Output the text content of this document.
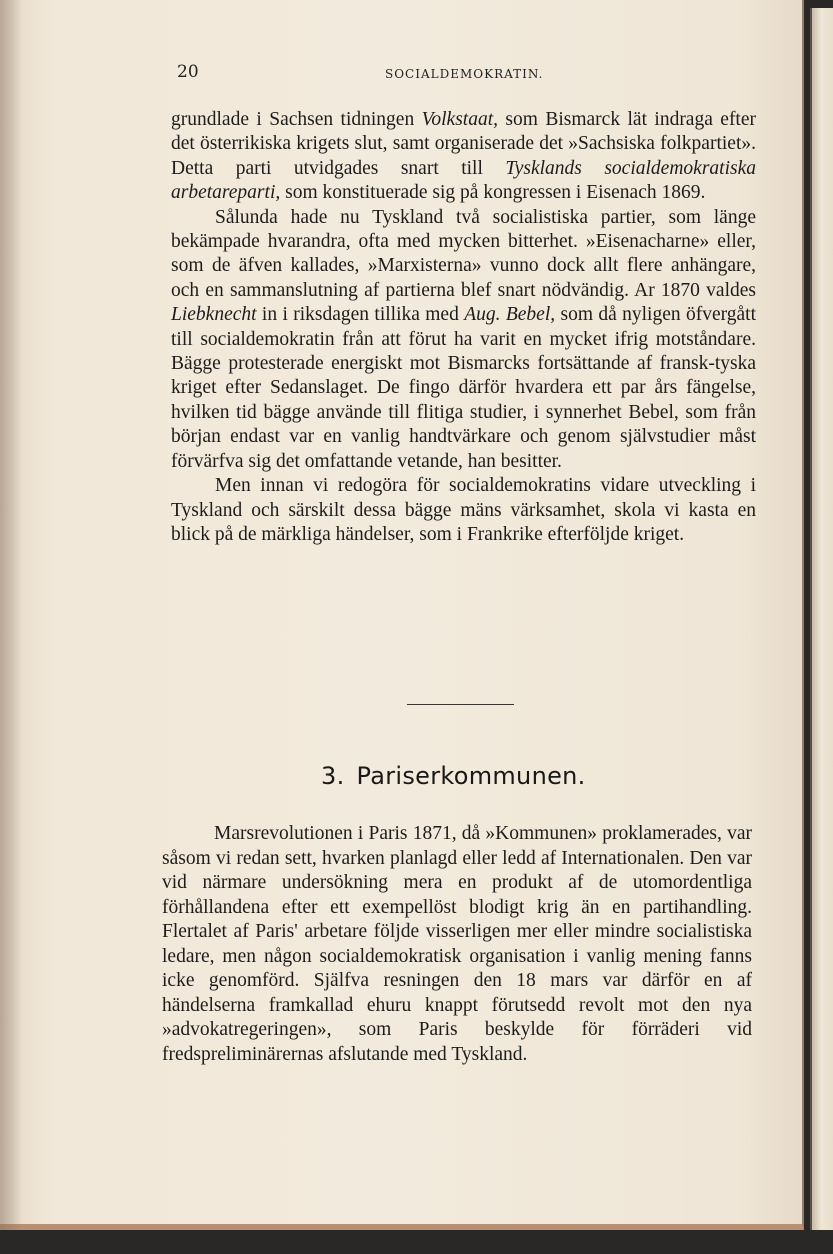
20	SOCIALDEMOKRATIN.

grundlade i Sachsen tidningen Volkstaat, som Bismarck lät indraga efter det österrikiska krigets slut, samt organiserade det »Sachsiska folkpartiet». Detta parti utvidgades snart till Tysklands socialdemokratiska arbetareparti, som konstituerade sig på kongressen i Eisenach 1869.

Sålunda hade nu Tyskland två socialistiska partier, som länge bekämpade hvarandra, ofta med mycken bitterhet. »Eisenacharne» eller, som de äfven kallades, »Marxisterna» vunno dock allt flere anhängare, och en sammanslutning af partierna blef snart nödvändig. Ar 1870 valdes Liebknecht in i riksdagen tillika med Aug. Bebel, som då nyligen öfvergått till socialdemokratin från att förut ha varit en mycket ifrig motståndare. Bägge protesterade energiskt mot Bismarcks fortsättande af fransk-tyska kriget efter Sedanslaget. De fingo därför hvardera ett par års fängelse, hvilken tid bägge använde till flitiga studier, i synnerhet Bebel, som från början endast var en vanlig handtvärkare och genom självstudier måst förvärfva sig det omfattande vetande, han besitter.

Men innan vi redogöra för socialdemokratins vidare utveckling i Tyskland och särskilt dessa bägge mäns värksamhet, skola vi kasta en blick på de märkliga händelser, som i Frankrike efterföljde kriget.

3. Pariserkommunen.

Marsrevolutionen i Paris 1871, då »Kommunen» proklamerades, var såsom vi redan sett, hvarken planlagd eller ledd af Internationalen. Den var vid närmare undersökning mera en produkt af de utomordentliga förhållandena efter ett exempellöst blodigt krig än en partihandling. Flertalet af Paris' arbetare följde visserligen mer eller mindre socialistiska ledare, men någon socialdemokratisk organisation i vanlig mening fanns icke genomförd. Själfva resningen den 18 mars var därför en af händelserna framkallad ehuru knappt förutsedd revolt mot den nya »advokatregeringen», som Paris beskylde för förräderi vid fredspreliminärernas afslutande med Tyskland.
